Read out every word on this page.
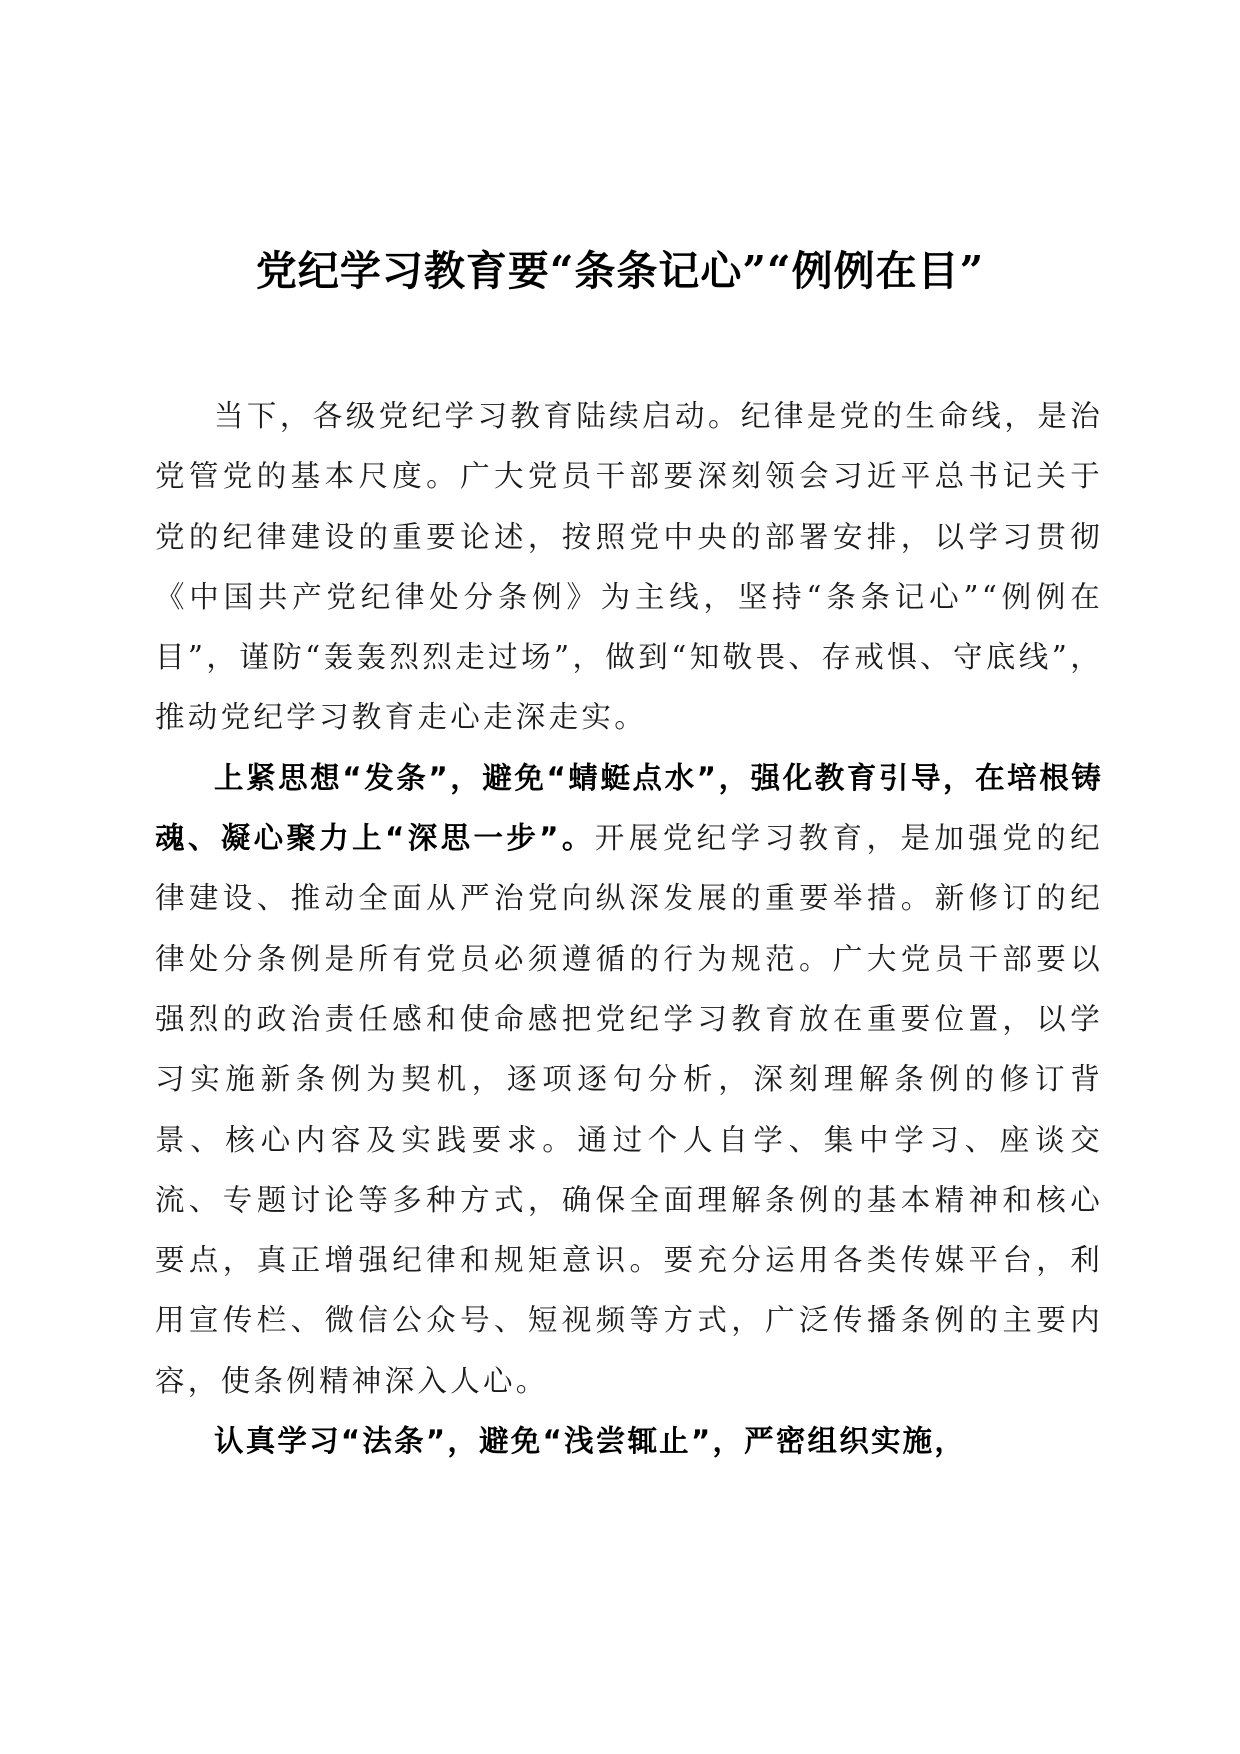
党纪学习教育要“条条记心”“例例在目”

当下，各级党纪学习教育陆续启动。纪律是党的生命线，是治党管党的基本尺度。广大党员干部要深刻领会习近平总书记关于党的纪律建设的重要论述，按照党中央的部署安排，以学习贯彻《中国共产党纪律处分条例》为主线，坚持“条条记心”“例例在目”，谨防“轰轰烈烈走过场”，做到“知敬畏、存戒惧、守底线”，推动党纪学习教育走心走深走实。

上紧思想“发条”，避免“蜻蜓点水”，强化教育引导，在培根铸魂、凝心聚力上“深思一步”。开展党纪学习教育，是加强党的纪律建设、推动全面从严治党向纵深发展的重要举措。新修订的纪律处分条例是所有党员必须遵循的行为规范。广大党员干部要以强烈的政治责任感和使命感把党纪学习教育放在重要位置，以学习实施新条例为契机，逐项逐句分析，深刻理解条例的修订背景、核心内容及实践要求。通过个人自学、集中学习、座谈交流、专题讨论等多种方式，确保全面理解条例的基本精神和核心要点，真正增强纪律和规矩意识。要充分运用各类传媒平台，利用宣传栏、微信公众号、短视频等方式，广泛传播条例的主要内容，使条例精神深入人心。

认真学习“法条”，避免“浅尝辄止”，严密组织实施，
